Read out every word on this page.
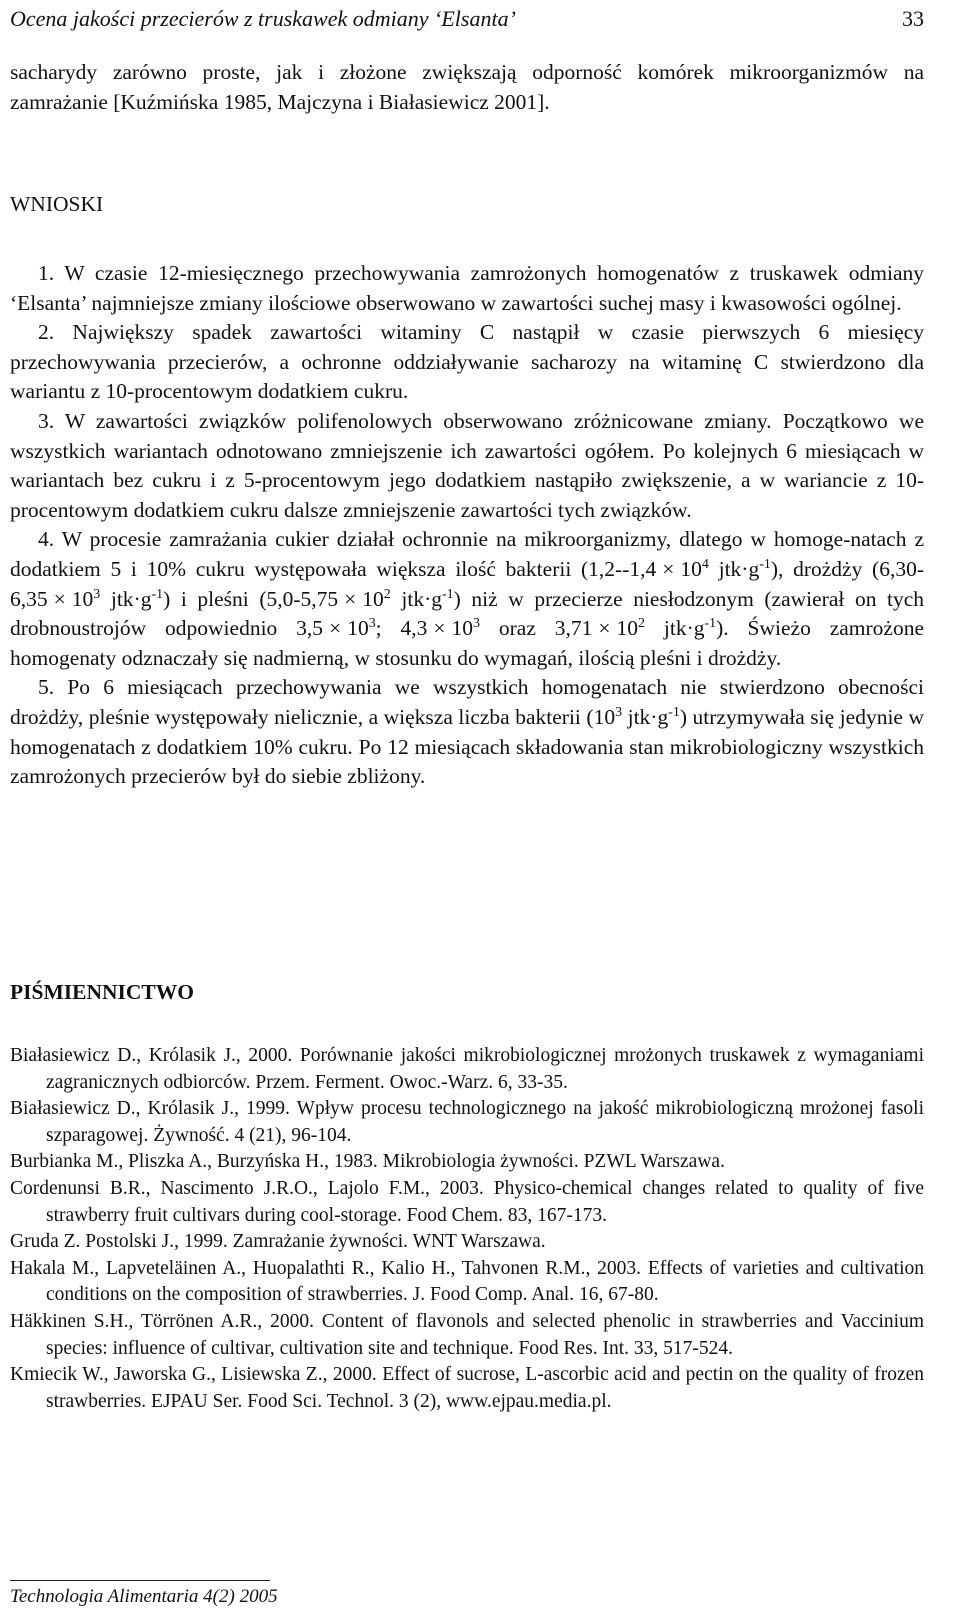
Ocena jakości przecierów z truskawek odmiany ‘Elsanta’	33

sacharydy zarówno proste, jak i złożone zwiększają odporność komórek mikroorganizmów na zamrażanie [Kuźmińska 1985, Majczyna i Białasiewicz 2001].

WNIOSKI

1. W czasie 12-miesięcznego przechowywania zamrożonych homogenatów z truskawek odmiany ‘Elsanta’ najmniejsze zmiany ilościowe obserwowano w zawartości suchej masy i kwasowości ogólnej.

2. Największy spadek zawartości witaminy C nastąpił w czasie pierwszych 6 miesięcy przechowywania przecierów, a ochronne oddziaływanie sacharozy na witaminę C stwierdzono dla wariantu z 10-procentowym dodatkiem cukru.

3. W zawartości związków polifenolowych obserwowano zróżnicowane zmiany. Początkowo we wszystkich wariantach odnotowano zmniejszenie ich zawartości ogółem. Po kolejnych 6 miesiącach w wariantach bez cukru i z 5-procentowym jego dodatkiem nastąpiło zwiększenie, a w wariancie z 10-procentowym dodatkiem cukru dalsze zmniejszenie zawartości tych związków.

4. W procesie zamrażania cukier działał ochronnie na mikroorganizmy, dlatego w homoge-natach z dodatkiem 5 i 10% cukru występowała większa ilość bakterii ($1,2--1,4 \times 10^4$ $jtk\cdot g^{-1}$), drożdży ($6,30-6,35 \times 10^3$ $jtk\cdot g^{-1}$) i pleśni ($5,0-5,75 \times 10^2$ $jtk\cdot g^{-1}$) niż w przecierze niesłodzonym (zawierał on tych drobnoustrojów odpowiednio $3,5 \times 10^3$; $4,3 \times 10^3$ oraz $3,71 \times 10^2$ $jtk\cdot g^{-1}$). Świeżo zamrożone homogenaty odznaczały się nadmierną, w stosunku do wymagań, ilością pleśni i drożdży.

5. Po 6 miesiącach przechowywania we wszystkich homogenatach nie stwierdzono obecności drożdży, pleśnie występowały nielicznie, a większa liczba bakterii ($10^3$ $jtk\cdot g^{-1}$) utrzymywała się jedynie w homogenatach z dodatkiem 10% cukru. Po 12 miesiącach składowania stan mikrobiologiczny wszystkich zamrożonych przecierów był do siebie zbliżony.

PIŚMIENNICTWO

Białasiewicz D., Królasik J., 2000. Porównanie jakości mikrobiologicznej mrożonych truskawek z wymaganiami zagranicznych odbiorców. Przem. Ferment. Owoc.-Warz. 6, 33-35.

Białasiewicz D., Królasik J., 1999. Wpływ procesu technologicznego na jakość mikrobiologiczną mrożonej fasoli szparagowej. Żywność. 4 (21), 96-104.

Burbianka M., Pliszka A., Burzyńska H., 1983. Mikrobiologia żywności. PZWL Warszawa.

Cordenunsi B.R., Nascimento J.R.O., Lajolo F.M., 2003. Physico-chemical changes related to quality of five strawberry fruit cultivars during cool-storage. Food Chem. 83, 167-173.

Gruda Z. Postolski J., 1999. Zamrażanie żywności. WNT Warszawa.

Hakala M., Lapveteläinen A., Huopalathti R., Kalio H., Tahvonen R.M., 2003. Effects of varieties and cultivation conditions on the composition of strawberries. J. Food Comp. Anal. 16, 67-80.

Häkkinen S.H., Törrönen A.R., 2000. Content of flavonols and selected phenolic in strawberries and Vaccinium species: influence of cultivar, cultivation site and technique. Food Res. Int. 33, 517-524.

Kmiecik W., Jaworska G., Lisiewska Z., 2000. Effect of sucrose, L-ascorbic acid and pectin on the quality of frozen strawberries. EJPAU Ser. Food Sci. Technol. 3 (2), www.ejpau.media.pl.

Technologia Alimentaria 4(2) 2005
